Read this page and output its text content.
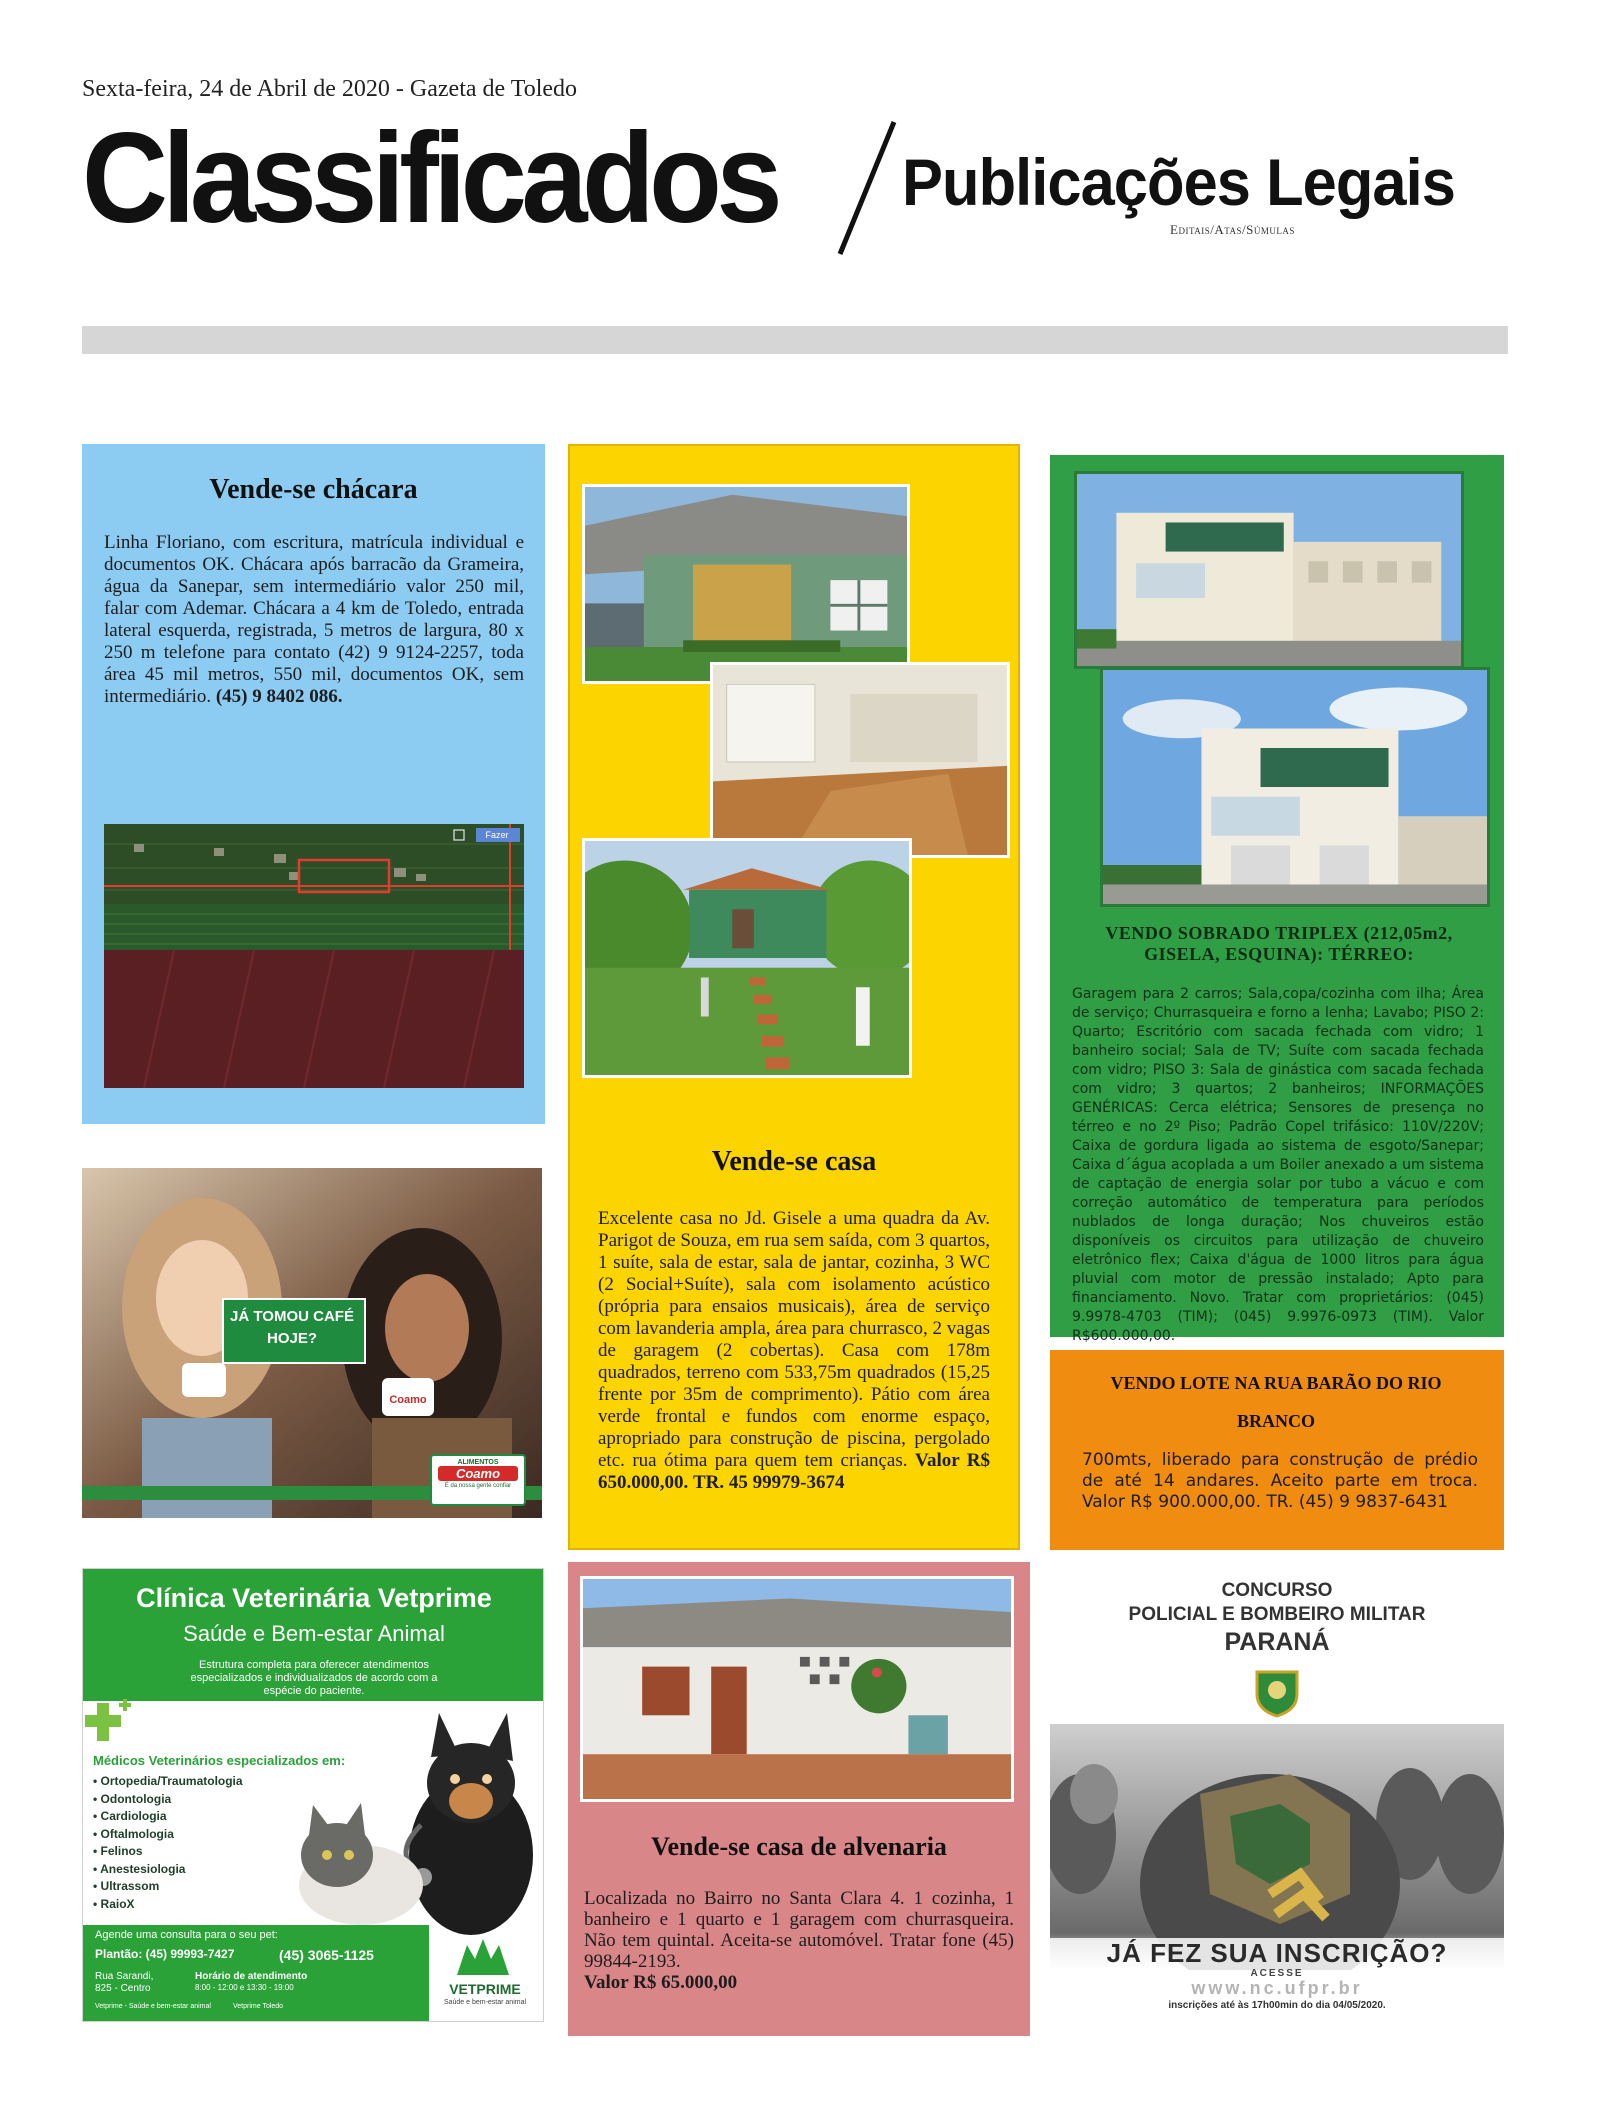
Sexta-feira, 24 de Abril de 2020 - Gazeta de Toledo
Classificados Publicações Legais
Editais/Atas/Súmulas
Vende-se chácara
Linha Floriano, com escritura, matrícula individual e documentos OK. Chácara após barracão da Grameira, água da Sanepar, sem intermediário valor 250 mil, falar com Ademar. Chácara a 4 km de Toledo, entrada lateral esquerda, registrada, 5 metros de largura, 80 x 250 m telefone para contato (42) 9 9124-2257, toda área 45 mil metros, 550 mil, documentos OK, sem intermediário. (45) 9 8402 086.
Fazer
Vende-se casa
Excelente casa no Jd. Gisele a uma quadra da Av. Parigot de Souza, em rua sem saída, com 3 quartos, 1 suíte, sala de estar, sala de jantar, cozinha, 3 WC (2 Social+Suíte), sala com isolamento acústico (própria para ensaios musicais), área de serviço com lavanderia ampla, área para churrasco, 2 vagas de garagem (2 cobertas). Casa com 178m quadrados, terreno com 533,75m quadrados (15,25 frente por 35m de comprimento). Pátio com área verde frontal e fundos com enorme espaço, apropriado para construção de piscina, pergolado etc. rua ótima para quem tem crianças. Valor R$ 650.000,00. TR. 45 99979-3674
VENDO SOBRADO TRIPLEX (212,05m2, GISELA, ESQUINA): TÉRREO:
Garagem para 2 carros; Sala,copa/cozinha com ilha; Área de serviço; Churrasqueira e forno a lenha; Lavabo; PISO 2: Quarto; Escritório com sacada fechada com vidro; 1 banheiro social; Sala de TV; Suíte com sacada fechada com vidro; PISO 3: Sala de ginástica com sacada fechada com vidro; 3 quartos; 2 banheiros; INFORMAÇÕES GENÉRICAS: Cerca elétrica; Sensores de presença no térreo e no 2º Piso; Padrão Copel trifásico: 110V/220V; Caixa de gordura ligada ao sistema de esgoto/Sanepar; Caixa d´água acoplada a um Boiler anexado a um sistema de captação de energia solar por tubo a vácuo e com correção automático de temperatura para períodos nublados de longa duração; Nos chuveiros estão disponíveis os circuitos para utilização de chuveiro eletrônico flex; Caixa d'água de 1000 litros para água pluvial com motor de pressão instalado; Apto para financiamento. Novo. Tratar com proprietários: (045) 9.9978-4703 (TIM); (045) 9.9976-0973 (TIM). Valor R$600.000,00.
VENDO LOTE NA RUA BARÃO DO RIO BRANCO
700mts, liberado para construção de prédio de até 14 andares. Aceito parte em troca. Valor R$ 900.000,00. TR. (45) 9 9837-6431
Vende-se casa de alvenaria
Localizada no Bairro no Santa Clara 4. 1 cozinha, 1 banheiro e 1 quarto e 1 garagem com churrasqueira. Não tem quintal. Aceita-se automóvel. Tratar fone (45) 99844-2193.
Valor R$ 65.000,00
JÁ TOMOU CAFÉ HOJE?
Coamo
ALIMENTOS
Coamo
É da nossa gente confiar
Clínica Veterinária Vetprime
Saúde e Bem-estar Animal
Estrutura completa para oferecer atendimentos especializados e individualizados de acordo com a espécie do paciente.
Médicos Veterinários especializados em:
• Ortopedia/Traumatologia
• Odontologia
• Cardiologia
• Oftalmologia
• Felinos
• Anestesiologia
• Ultrassom
• RaioX
Agende uma consulta para o seu pet:
Plantão: (45) 99993-7427	(45) 3065-1125
Rua Sarandi,
825 - Centro
Horário de atendimento
8:00 - 12:00 e 13:30 - 19:00
Vetprime - Saúde e bem-estar animal	Vetprime Toledo
VETPRIME
Saúde e bem-estar animal
CONCURSO
POLICIAL E BOMBEIRO MILITAR
PARANÁ
JÁ FEZ SUA INSCRIÇÃO?
ACESSE
www.nc.ufpr.br
inscrições até às 17h00min do dia 04/05/2020.
